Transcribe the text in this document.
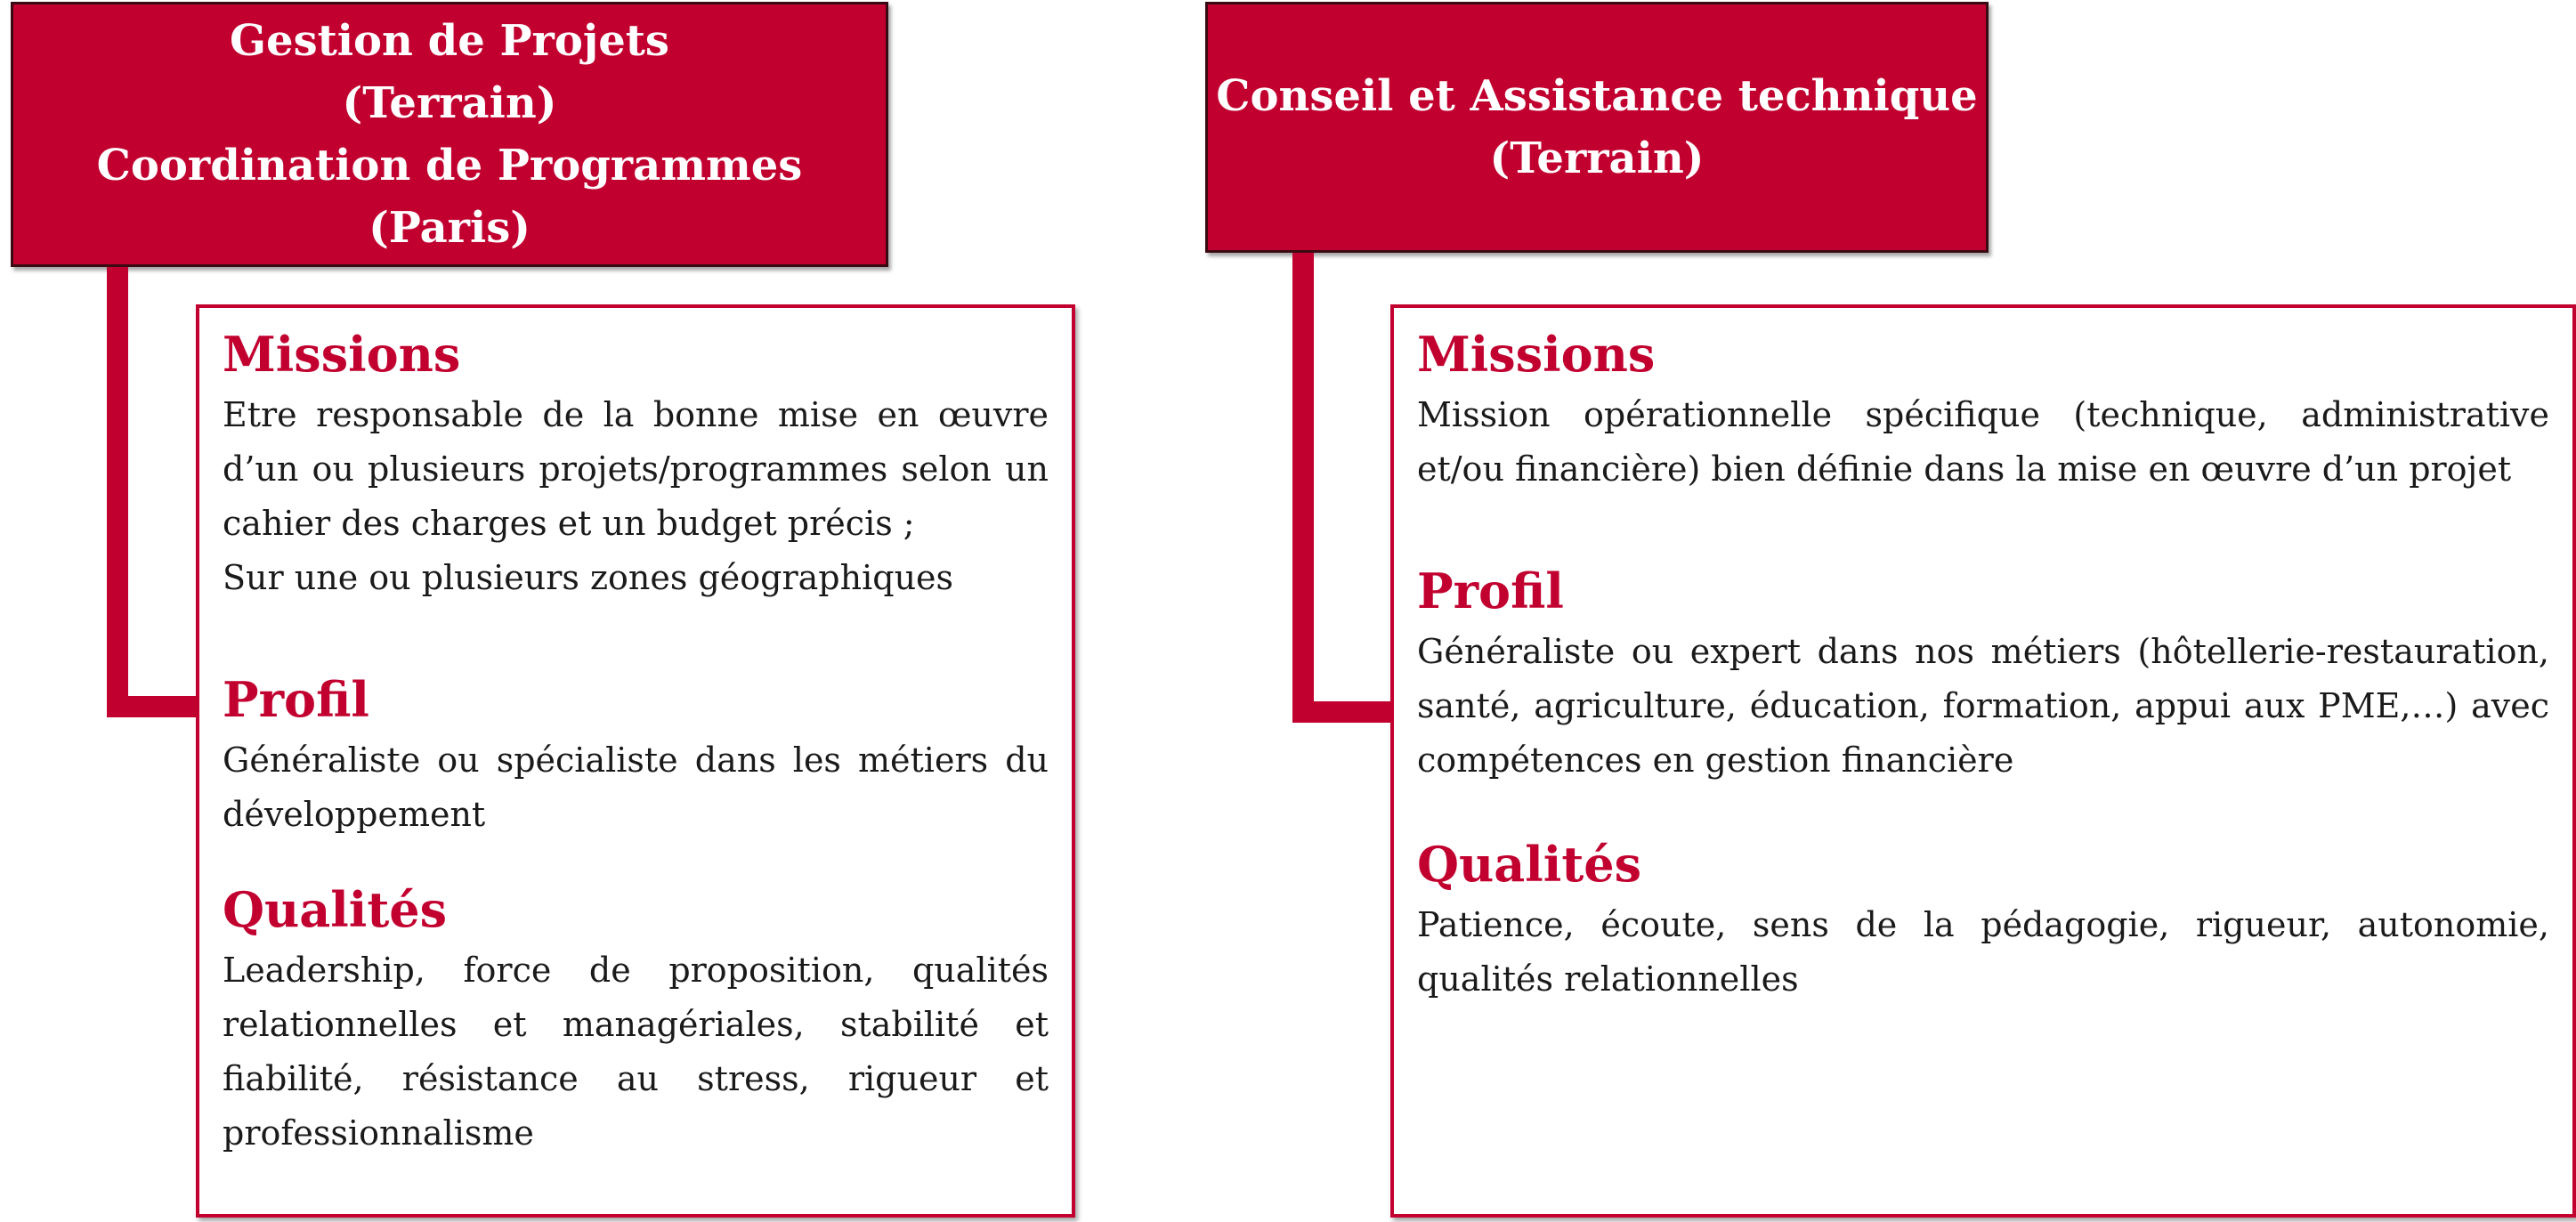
Gestion de Projets
(Terrain)
Coordination de Programmes
(Paris)
Missions

Etre responsable de la bonne mise en œuvre d’un ou plusieurs projets/programmes selon un cahier des charges et un budget précis ;
Sur une ou plusieurs zones géographiques

Profil

Généraliste ou spécialiste dans les métiers du développement

Qualités

Leadership, force de proposition, qualités relationnelles et managériales, stabilité et fiabilité, résistance au stress, rigueur et professionnalisme

Conseil et Assistance technique
(Terrain)
Missions

Mission opérationnelle spécifique (technique, administrative et/ou financière) bien définie dans la mise en œuvre d’un projet

Profil

Généraliste ou expert dans nos métiers (hôtellerie-restauration, santé, agriculture, éducation, formation, appui aux PME,…) avec compétences en gestion financière

Qualités

Patience, écoute, sens de la pédagogie, rigueur, autonomie, qualités relationnelles
